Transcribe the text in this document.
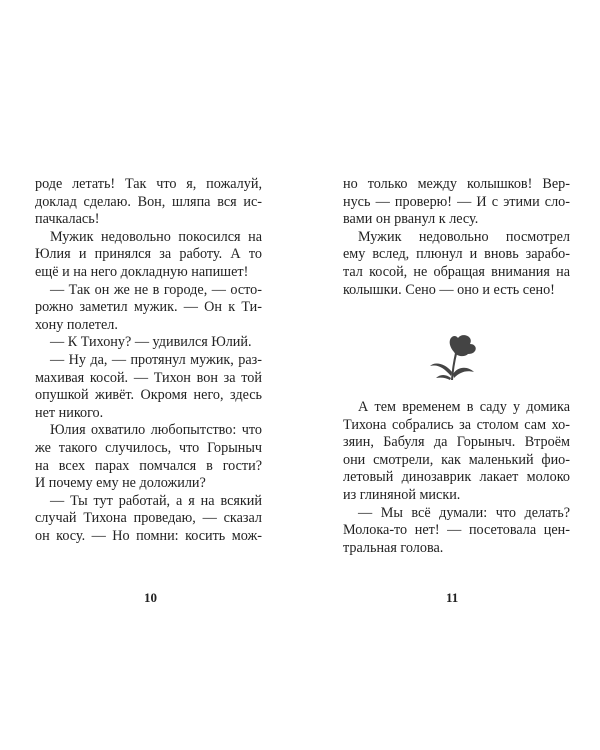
роде летать! Так что я, пожалуй,
доклад сделаю. Вон, шляпа вся ис-
пачкалась!
Мужик недовольно покосился на
Юлия и принялся за работу. А то
ещё и на него докладную напишет!
— Так он же не в городе, — осто-
рожно заметил мужик. — Он к Ти-
хону полетел.
— К Тихону? — удивился Юлий.
— Ну да, — протянул мужик, раз-
махивая косой. — Тихон вон за той
опушкой живёт. Окромя него, здесь
нет никого.
Юлия охватило любопытство: что
же такого случилось, что Горыныч
на всех парах помчался в гости?
И почему ему не доложили?
— Ты тут работай, а я на всякий
случай Тихона проведаю, — сказал
он косу. — Но помни: косить мож-
но только между колышков! Вер-
нусь — проверю! — И с этими сло-
вами он рванул к лесу.
Мужик недовольно посмотрел
ему вслед, плюнул и вновь зарабо-
тал косой, не обращая внимания на
колышки. Сено — оно и есть сено!
А тем временем в саду у домика
Тихона собрались за столом сам хо-
зяин, Бабуля да Горыныч. Втроём
они смотрели, как маленький фио-
летовый динозаврик лакает молоко
из глиняной миски.
— Мы всё думали: что делать?
Молока-то нет! — посетовала цен-
тральная голова.
10	11
